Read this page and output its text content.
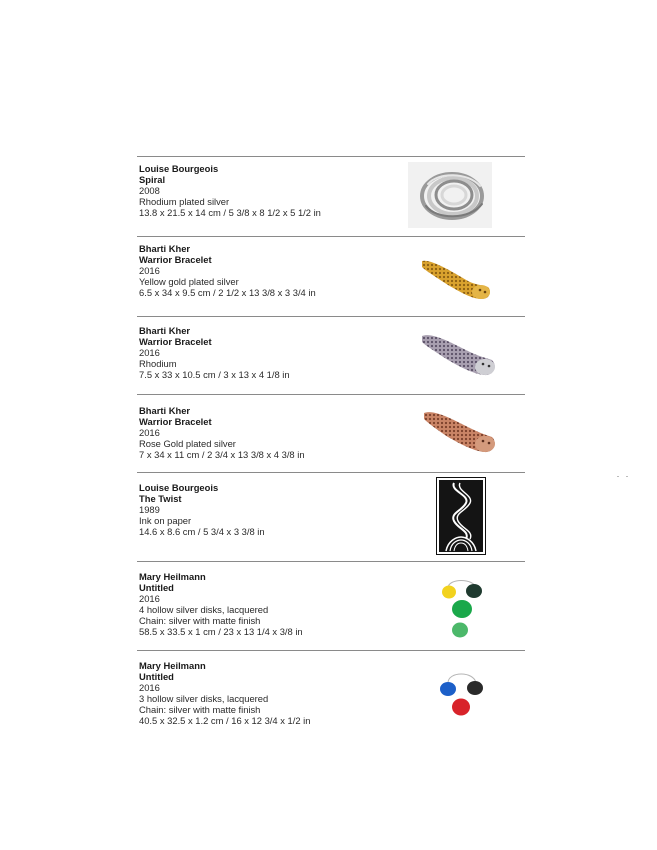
Louise Bourgeois
Spiral
2008
Rhodium plated silver
13.8 x 21.5 x 14 cm / 5 3/8 x 8 1/2 x 5 1/2 in
Bharti Kher
Warrior Bracelet
2016
Yellow gold plated silver
6.5 x 34 x 9.5 cm / 2 1/2 x 13 3/8 x 3 3/4 in
Bharti Kher
Warrior Bracelet
2016
Rhodium
7.5 x 33 x 10.5 cm / 3 x 13 x 4 1/8 in
Bharti Kher
Warrior Bracelet
2016
Rose Gold plated silver
7 x 34 x 11 cm / 2 3/4 x 13 3/8 x 4 3/8 in
Louise Bourgeois
The Twist
1989
Ink on paper
14.6 x 8.6 cm / 5 3/4 x 3 3/8 in
Mary Heilmann
Untitled
2016
4 hollow silver disks, lacquered
Chain: silver with matte finish
58.5 x 33.5 x 1 cm / 23 x 13 1/4 x 3/8 in
Mary Heilmann
Untitled
2016
3 hollow silver disks, lacquered
Chain: silver with matte finish
40.5 x 32.5 x 1.2 cm / 16 x 12 3/4 x 1/2 in
